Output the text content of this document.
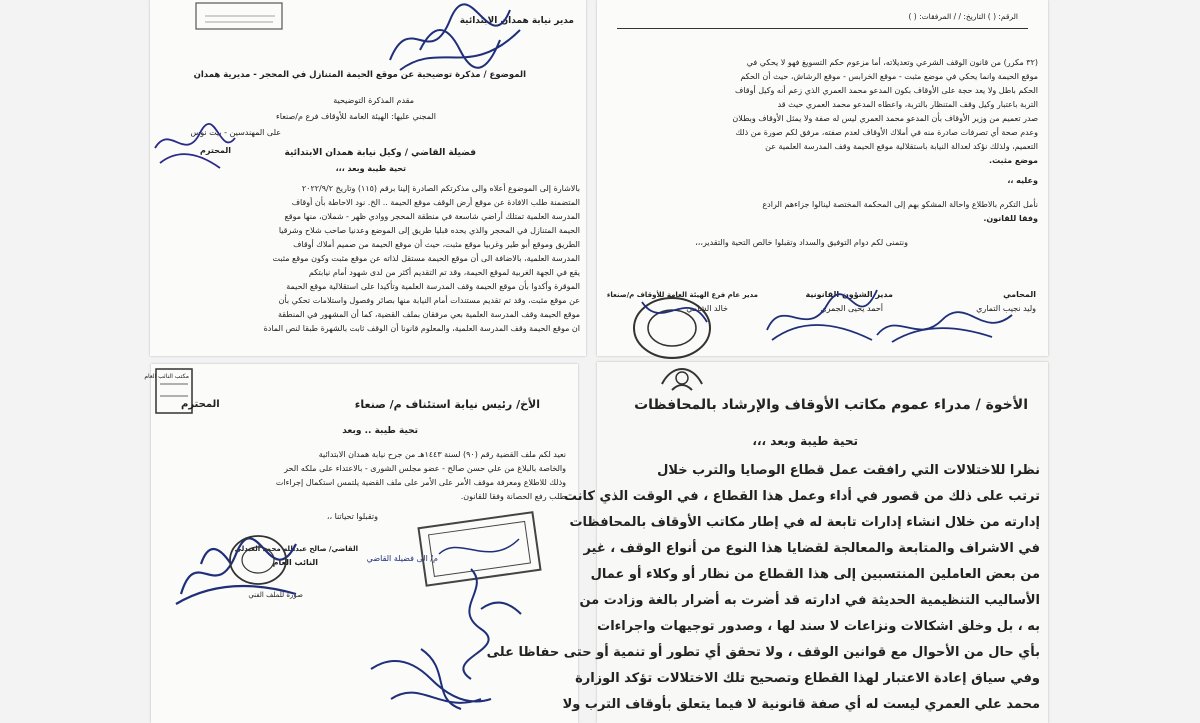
مدير نيابة همدان الابتدائية
الموضوع / مذكرة توضيحية عن موقع الحيمة المتنازل في المحجر - مديرية همدان
مقدم المذكرة التوضيحية
المجني عليها: الهيئة العامة للأوقاف فرع م/صنعاء
على المهندسين - بيت نوس
المحترم	فضيلة القاضي / وكيل نيابة همدان الابتدائية
تحية طيبة وبعد ،،،
بالاشارة إلى الموضوع أعلاه والى مذكرتكم الصادرة إلينا برقم (١١٥) وتاريخ ٢٠٢٢/٩/٢
المتضمنة طلب الافادة عن موقع أرض الوقف موقع الحيمة .. الخ. نود الاحاطة بأن أوقاف
المدرسة العلمية تمتلك أراضي شاسعة في منطقة المحجر ووادي ظهر - شملان، منها موقع
الحيمة المتنازل في المحجر والذي يحده قبليا طريق إلى الموضع وعدنيا صاحب شلاح وشرقيا
الطريق وموقع أبو طير وغربيا موقع مثبت، حيث أن موقع الحيمة من صميم أملاك أوقاف
المدرسة العلمية، بالاضافة الى أن موقع الحيمة مستقل لذاته عن موقع مثبت وكون موقع مثبت
يقع في الجهة الغربية لموقع الحيمة، وقد تم التقديم أكثر من لدى شهود أمام نيابتكم
الموقرة وأكدوا بأن موقع الحيمة وقف المدرسة العلمية وتأكيدا على استقلالية موقع الحيمة
عن موقع مثبت، وقد تم تقديم مستندات أمام النيابة منها بصائر وفصول واستلامات تحكي بأن
موقع الحيمة وقف المدرسة العلمية بعي مرفقان بملف القضية، كما أن المشهور في المنطقة
ان موقع الحيمة وقف المدرسة العلمية، والمعلوم قانونا أن الوقف ثابت بالشهرة طبقا لنص المادة
الرقم: ( ) التاريخ: / / المرفقات: ( )
(٣٢ مكرر) من قانون الوقف الشرعي وتعديلاته، أما مزعوم حكم التسويغ فهو لا يحكي في
موقع الحيمة وانما يحكي في موضع مثبت - موقع الخرابس - موقع الرشاش، حيث أن الحكم
الحكم باطل ولا يعد حجة على الأوقاف بكون المدعو محمد العمري الذي زعم أنه وكيل أوقاف
التربة باعتبار وكيل وقف المتنظار بالتربة، واعطاه المدعو محمد العمري حيث قد
صدر تعميم من وزير الأوقاف بأن المدعو محمد العمري ليس له صفة ولا يمثل الأوقاف وبطلان
وعدم صحة أي تصرفات صادرة منه في أملاك الأوقاف لعدم صفته، مرفق لكم صورة من ذلك
التعميم، ولذلك نؤكد لعدالة النيابة باستقلالية موقع الحيمة وقف المدرسة العلمية عن
موضع مثبت.
وعليه ،،
نأمل التكرم بالاطلاع واحالة المشكو بهم إلى المحكمة المختصة لينالوا جزاءهم الرادع
وفقا للقانون.
ونتمنى لكم دوام التوفيق والسداد وتقبلوا خالص التحية والتقدير،،،
المحامي
وليد نجيب التماري
مدير الشؤون القانونية
أحمد يحيى الجمري
مدير عام فرع الهيئة العامة للأوقاف م/صنعاء
خالد الشامي
مكتب النائب العام
الأخ/ رئيس نيابة استئناف م/ صنعاء
المحترم
تحية طيبة .. وبعد
نعيد لكم ملف القضية رقم (٩٠) لسنة ١٤٤٣هـ من جرح نيابة همدان الابتدائية
والخاصة بالبلاغ من علي حسن صالح - عضو مجلس الشورى - بالاعتداء على ملكه الحر
وذلك للاطلاع ومعرفة موقف الأمر على الأمر على ملف القضية يلتمس استكمال إجراءات
طلب رفع الحصانة وفقا للقانون.
وتقبلوا تحياتنا ،،
القاضي/ صالح عبدالله محمد العبدلي
النائب العام
صورة للملف الفني
م/ الى فضيلة القاضي
الأخوة / مدراء عموم مكاتب الأوقاف والإرشاد بالمحافظات
تحية طيبة وبعد ،،،
نظرا للاختلالات التي رافقت عمل قطاع الوصايا والترب خلال
ترتب على ذلك من قصور في أداء وعمل هذا القطاع ، في الوقت الذي كانت
إدارته من خلال انشاء إدارات تابعة له في إطار مكاتب الأوقاف بالمحافظات
في الاشراف والمتابعة والمعالجة لقضايا هذا النوع من أنواع الوقف ، غير
من بعض العاملين المنتسبين إلى هذا القطاع من نظار أو وكلاء أو عمال
الأساليب التنظيمية الحديثة في ادارته قد أضرت به أضرار بالغة وزادت من
به ، بل وخلق اشكالات ونزاعات لا سند لها ، وصدور توجيهات واجراءات
بأي حال من الأحوال مع قوانين الوقف ، ولا تحقق أي تطور أو تنمية أو حتى حفاظا على
وفي سياق إعادة الاعتبار لهذا القطاع وتصحيح تلك الاختلالات تؤكد الوزارة
محمد علي العمري ليست له أي صفة قانونية لا فيما يتعلق بأوقاف الترب ولا
